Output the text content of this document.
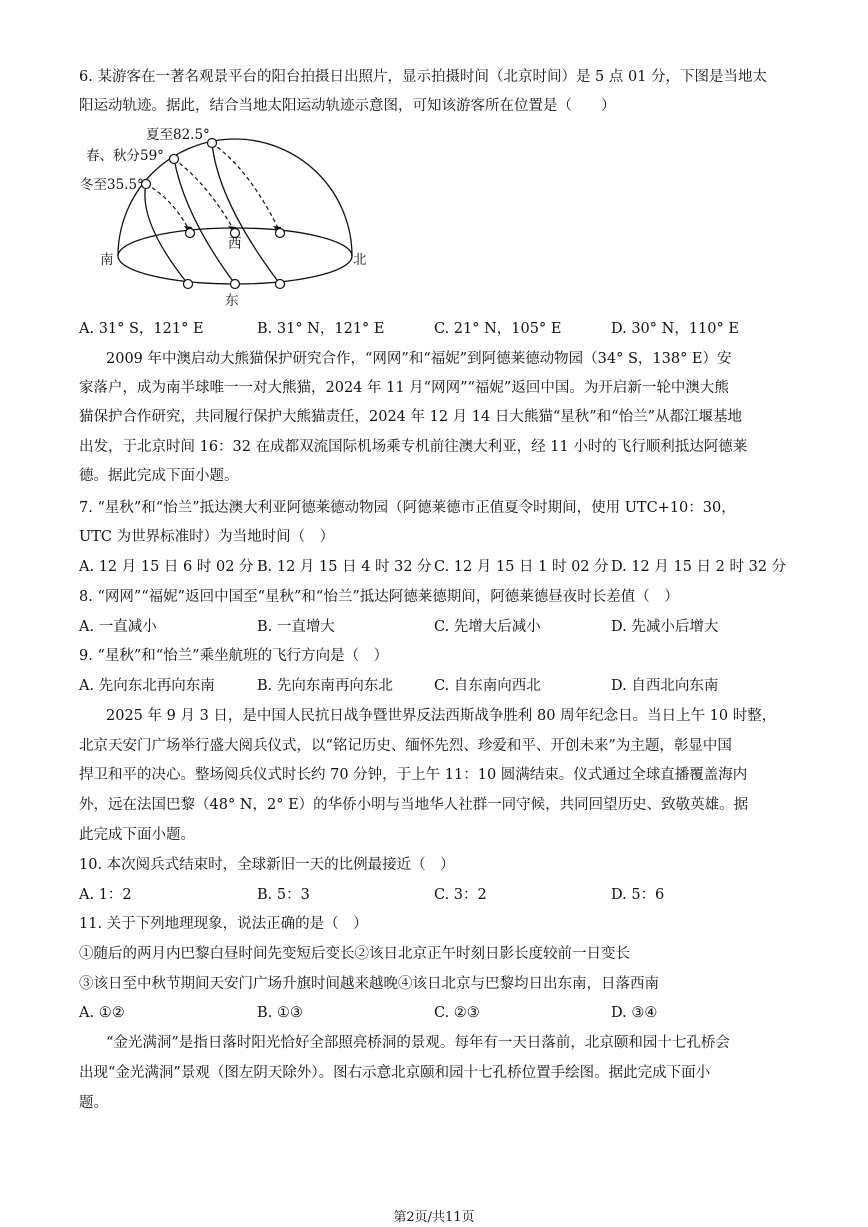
6. 某游客在一著名观景平台的阳台拍摄日出照片，显示拍摄时间（北京时间）是 5 点 01 分，下图是当地太
阳运动轨迹。据此，结合当地太阳运动轨迹示意图，可知该游客所在位置是（　　）
夏至82.5°
春、秋分59°
冬至35.5°
南	北
西
东
A. 31° S，121° E	B. 31° N，121° E	C. 21° N，105° E	D. 30° N，110° E
2009 年中澳启动大熊猫保护研究合作，“网网”和“福妮”到阿德莱德动物园（34° S，138° E）安
家落户，成为南半球唯一一对大熊猫，2024 年 11 月“网网”“福妮”返回中国。为开启新一轮中澳大熊
猫保护合作研究，共同履行保护大熊猫责任，2024 年 12 月 14 日大熊猫“星秋”和“怡兰”从都江堰基地
出发，于北京时间 16：32 在成都双流国际机场乘专机前往澳大利亚，经 11 小时的飞行顺利抵达阿德莱
德。据此完成下面小题。
7. “星秋”和“怡兰”抵达澳大利亚阿德莱德动物园（阿德莱德市正值夏令时期间，使用 UTC+10：30，
UTC 为世界标准时）为当地时间（　）
A. 12 月 15 日 6 时 02 分 B. 12 月 15 日 4 时 32 分 C. 12 月 15 日 1 时 02 分 D. 12 月 15 日 2 时 32 分
8. “网网”“福妮”返回中国至“星秋”和“怡兰”抵达阿德莱德期间，阿德莱德昼夜时长差值（　）
A. 一直减小	B. 一直增大	C. 先增大后减小	D. 先减小后增大
9. “星秋”和“怡兰”乘坐航班的飞行方向是（　）
A. 先向东北再向东南	B. 先向东南再向东北	C. 自东南向西北	D. 自西北向东南
2025 年 9 月 3 日，是中国人民抗日战争暨世界反法西斯战争胜利 80 周年纪念日。当日上午 10 时整，
北京天安门广场举行盛大阅兵仪式，以“铭记历史、缅怀先烈、珍爱和平、开创未来”为主题，彰显中国
捍卫和平的决心。整场阅兵仪式时长约 70 分钟，于上午 11：10 圆满结束。仪式通过全球直播覆盖海内
外，远在法国巴黎（48° N，2° E）的华侨小明与当地华人社群一同守候，共同回望历史、致敬英雄。据
此完成下面小题。
10. 本次阅兵式结束时，全球新旧一天的比例最接近（　）
A. 1：2	B. 5：3	C. 3：2	D. 5：6
11. 关于下列地理现象，说法正确的是（　）
①随后的两月内巴黎白昼时间先变短后变长②该日北京正午时刻日影长度较前一日变长
③该日至中秋节期间天安门广场升旗时间越来越晚④该日北京与巴黎均日出东南，日落西南
A. ①②	B. ①③	C. ②③	D. ③④
“金光满洞”是指日落时阳光恰好全部照亮桥洞的景观。每年有一天日落前，北京颐和园十七孔桥会
出现“金光满洞”景观（图左阴天除外）。图右示意北京颐和园十七孔桥位置手绘图。据此完成下面小
题。
第2页/共11页
